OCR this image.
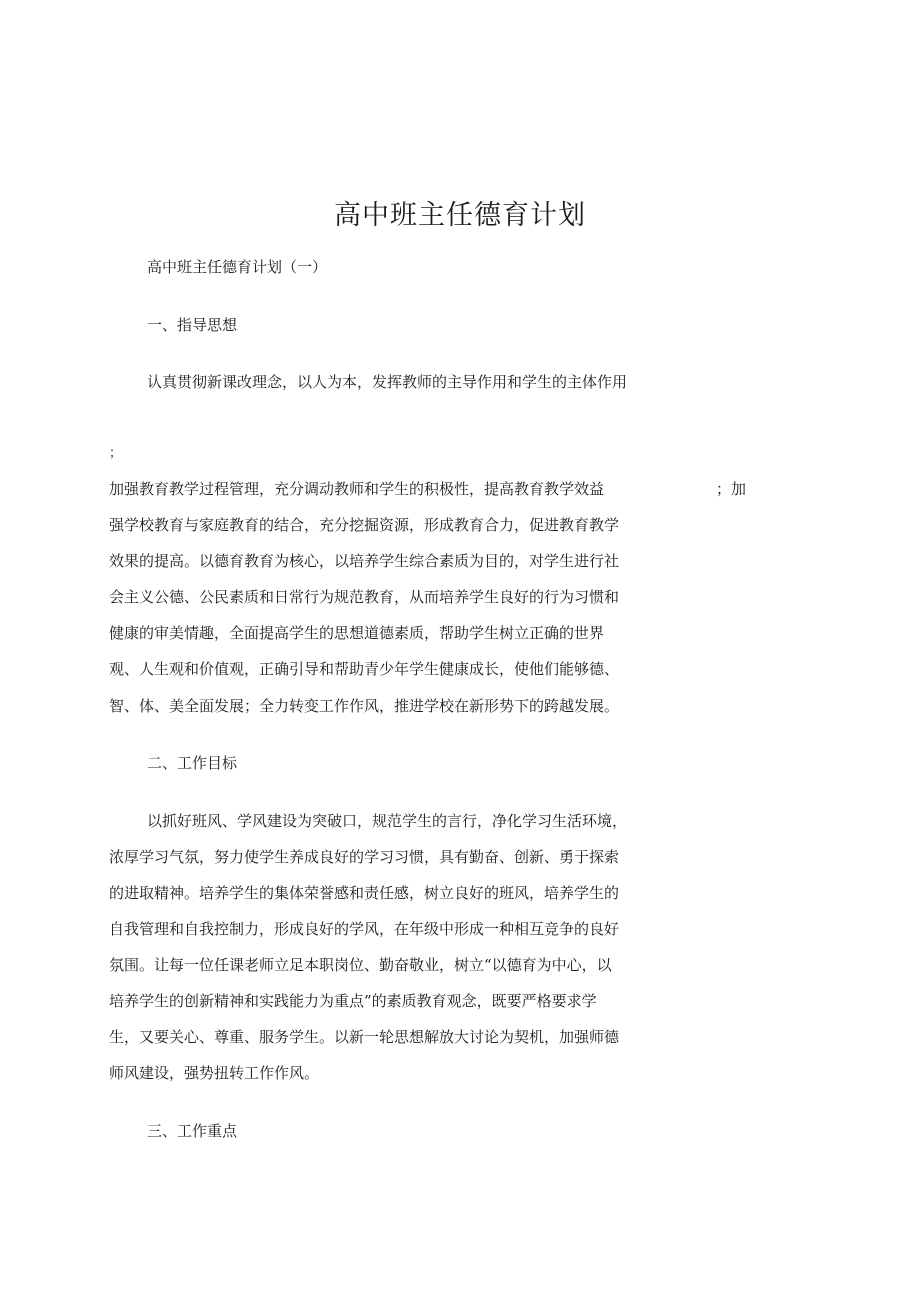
高中班主任德育计划
高中班主任德育计划（一）
一、指导思想
认真贯彻新课改理念，以人为本，发挥教师的主导作用和学生的主体作用
；
加强教育教学过程管理，充分调动教师和学生的积极性，提高教育教学效益	；加
强学校教育与家庭教育的结合，充分挖掘资源，形成教育合力，促进教育教学
效果的提高。以德育教育为核心，以培养学生综合素质为目的，对学生进行社
会主义公德、公民素质和日常行为规范教育，从而培养学生良好的行为习惯和
健康的审美情趣，全面提高学生的思想道德素质，帮助学生树立正确的世界
观、人生观和价值观，正确引导和帮助青少年学生健康成长，使他们能够德、
智、体、美全面发展；全力转变工作作风，推进学校在新形势下的跨越发展。
二、工作目标
以抓好班风、学风建设为突破口，规范学生的言行，净化学习生活环境，
浓厚学习气氛，努力使学生养成良好的学习习惯，具有勤奋、创新、勇于探索
的进取精神。培养学生的集体荣誉感和责任感，树立良好的班风，培养学生的
自我管理和自我控制力，形成良好的学风，在年级中形成一种相互竞争的良好
氛围。让每一位任课老师立足本职岗位、勤奋敬业，树立“以德育为中心，以
培养学生的创新精神和实践能力为重点”的素质教育观念，既要严格要求学
生，又要关心、尊重、服务学生。以新一轮思想解放大讨论为契机，加强师德
师风建设，强势扭转工作作风。
三、工作重点
